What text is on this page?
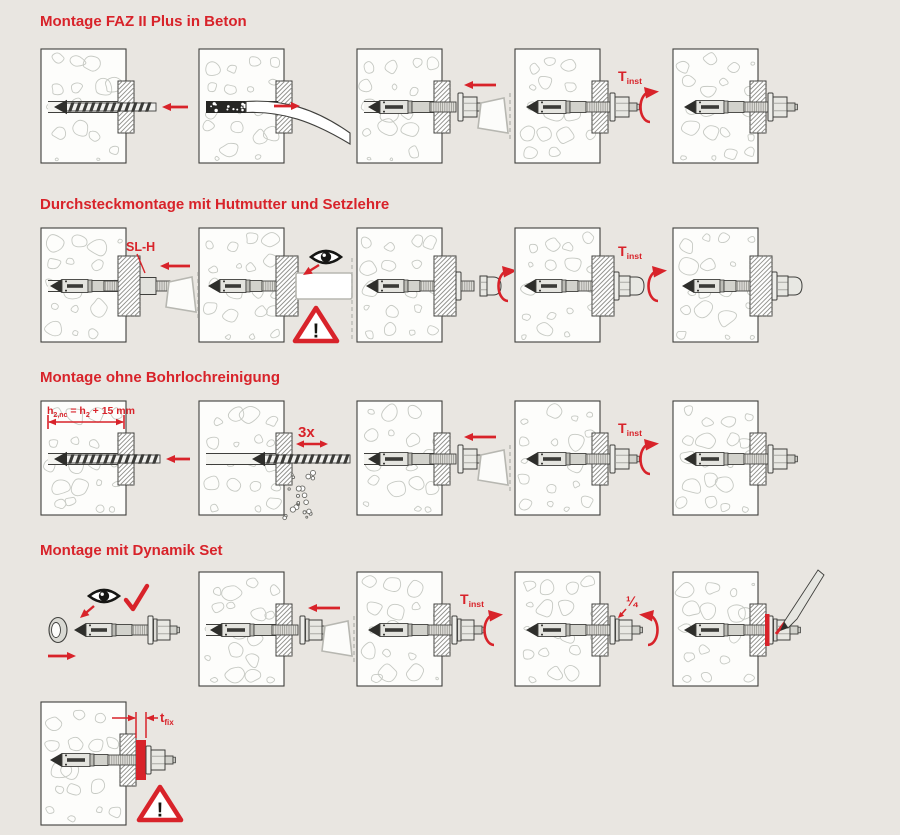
Montage FAZ II Plus in Beton
$T_{inst}$
Durchsteckmontage mit Hutmutter und Setzlehre
SL-H
!
$T_{inst}$
Montage ohne Bohrlochreinigung
$h_{2,nc} = h_2 + 15$ mm
3x	$T_{inst}$
Montage mit Dynamik Set
$T_{inst}$	¼
$t_{fix}$
!
